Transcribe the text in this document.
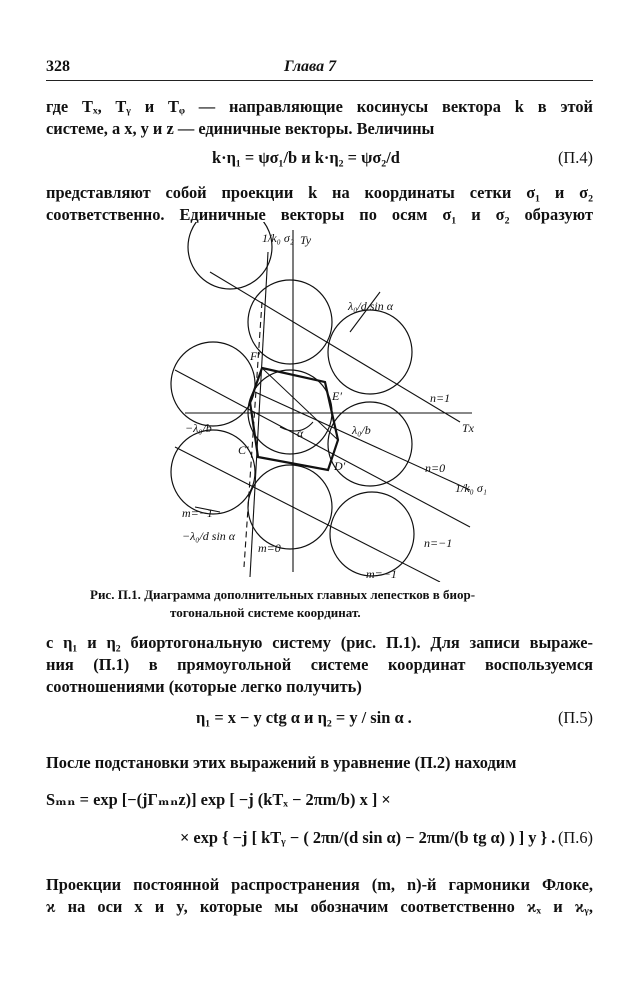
328	Глава 7
где Tₓ, Tᵧ и Tᵩ — направляющие косинусы вектора k в этой
системе, а x, y и z — единичные векторы. Величины
k·η₁ = ψσ₁/b и k·η₂ = ψσ₂/d	(П.4)
представляют собой проекции k на координаты сетки σ₁ и σ₂
соответственно. Единичные векторы по осям σ₁ и σ₂ образуют
1/k₀ σ₂ Ty
Tx
λ₀/d sin α
λ₀/b
−λ₀/b
−λ₀/d sin α
1/k₀ σ₁
α
F′
E′
C′
D′
n=1
n=0
n=−1
m=−1
m=0
m=−1
Рис. П.1. Диаграмма дополнительных главных лепестков в биор-
тогональной системе координат.
с η₁ и η₂ биортогональную систему (рис. П.1). Для записи выраже-
ния (П.1) в прямоугольной системе координат воспользуемся
соотношениями (которые легко получить)
η₁ = x − y ctg α и η₂ = y / sin α .	(П.5)
После подстановки этих выражений в уравнение (П.2) находим
Sₘₙ = exp [−(jΓₘₙz)] exp [ −j (kTₓ − 2πm/b) x ] ×
× exp { −j [ kTᵧ − ( 2πn/(d sin α) − 2πm/(b tg α) ) ] y } . (П.6)
Проекции постоянной распространения (m, n)-й гармоники Флоке,
ϰ на оси x и y, которые мы обозначим соответственно ϰₓ и ϰᵧ,
